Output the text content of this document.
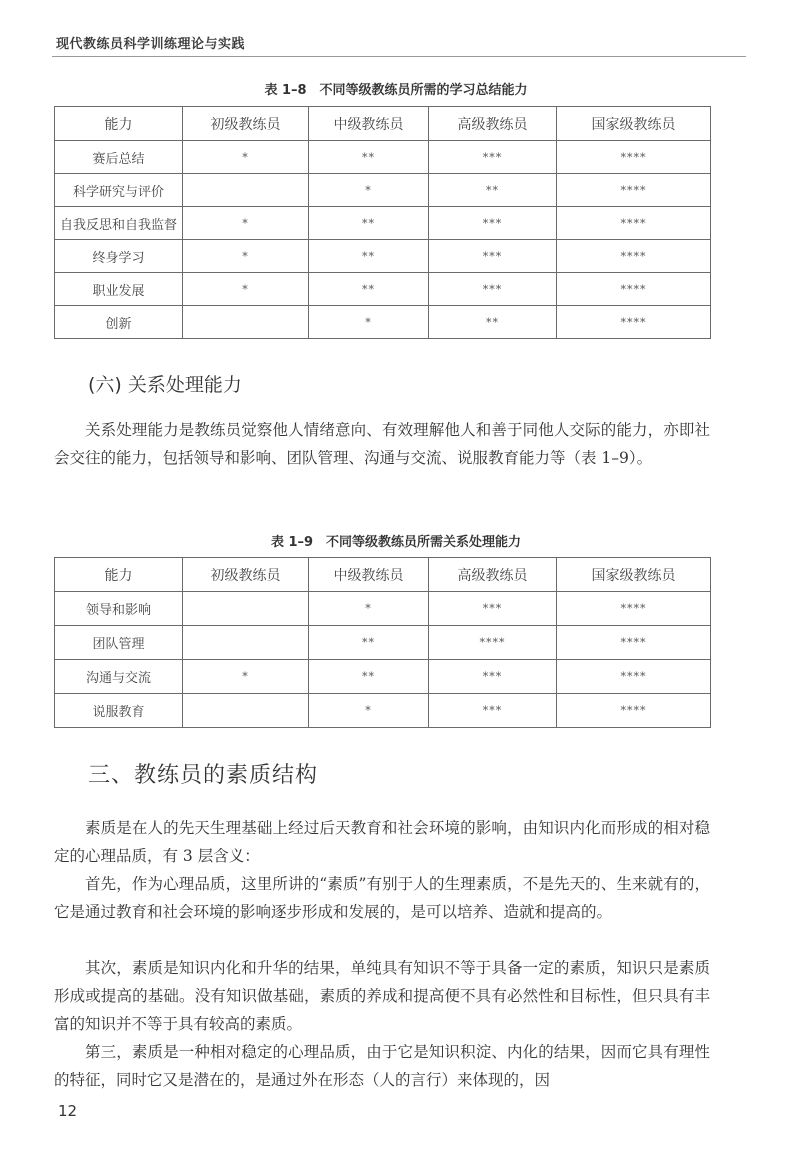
现代教练员科学训练理论与实践
表 1–8　不同等级教练员所需的学习总结能力
能力	初级教练员	中级教练员	高级教练员	国家级教练员
赛后总结	*	**	***	****
科学研究与评价		*	**	****
自我反思和自我监督	*	**	***	****
终身学习	*	**	***	****
职业发展	*	**	***	****
创新		*	**	****
(六) 关系处理能力

关系处理能力是教练员觉察他人情绪意向、有效理解他人和善于同他人交际的能力，亦即社会交往的能力，包括领导和影响、团队管理、沟通与交流、说服教育能力等（表 1–9）。

表 1–9　不同等级教练员所需关系处理能力
能力	初级教练员	中级教练员	高级教练员	国家级教练员
领导和影响		*	***	****
团队管理		**	****	****
沟通与交流	*	**	***	****
说服教育		*	***	****
三、教练员的素质结构

素质是在人的先天生理基础上经过后天教育和社会环境的影响，由知识内化而形成的相对稳定的心理品质，有 3 层含义：

首先，作为心理品质，这里所讲的“素质”有别于人的生理素质，不是先天的、生来就有的，它是通过教育和社会环境的影响逐步形成和发展的，是可以培养、造就和提高的。

其次，素质是知识内化和升华的结果，单纯具有知识不等于具备一定的素质，知识只是素质形成或提高的基础。没有知识做基础，素质的养成和提高便不具有必然性和目标性，但只具有丰富的知识并不等于具有较高的素质。

第三，素质是一种相对稳定的心理品质，由于它是知识积淀、内化的结果，因而它具有理性的特征，同时它又是潜在的，是通过外在形态（人的言行）来体现的，因

12
